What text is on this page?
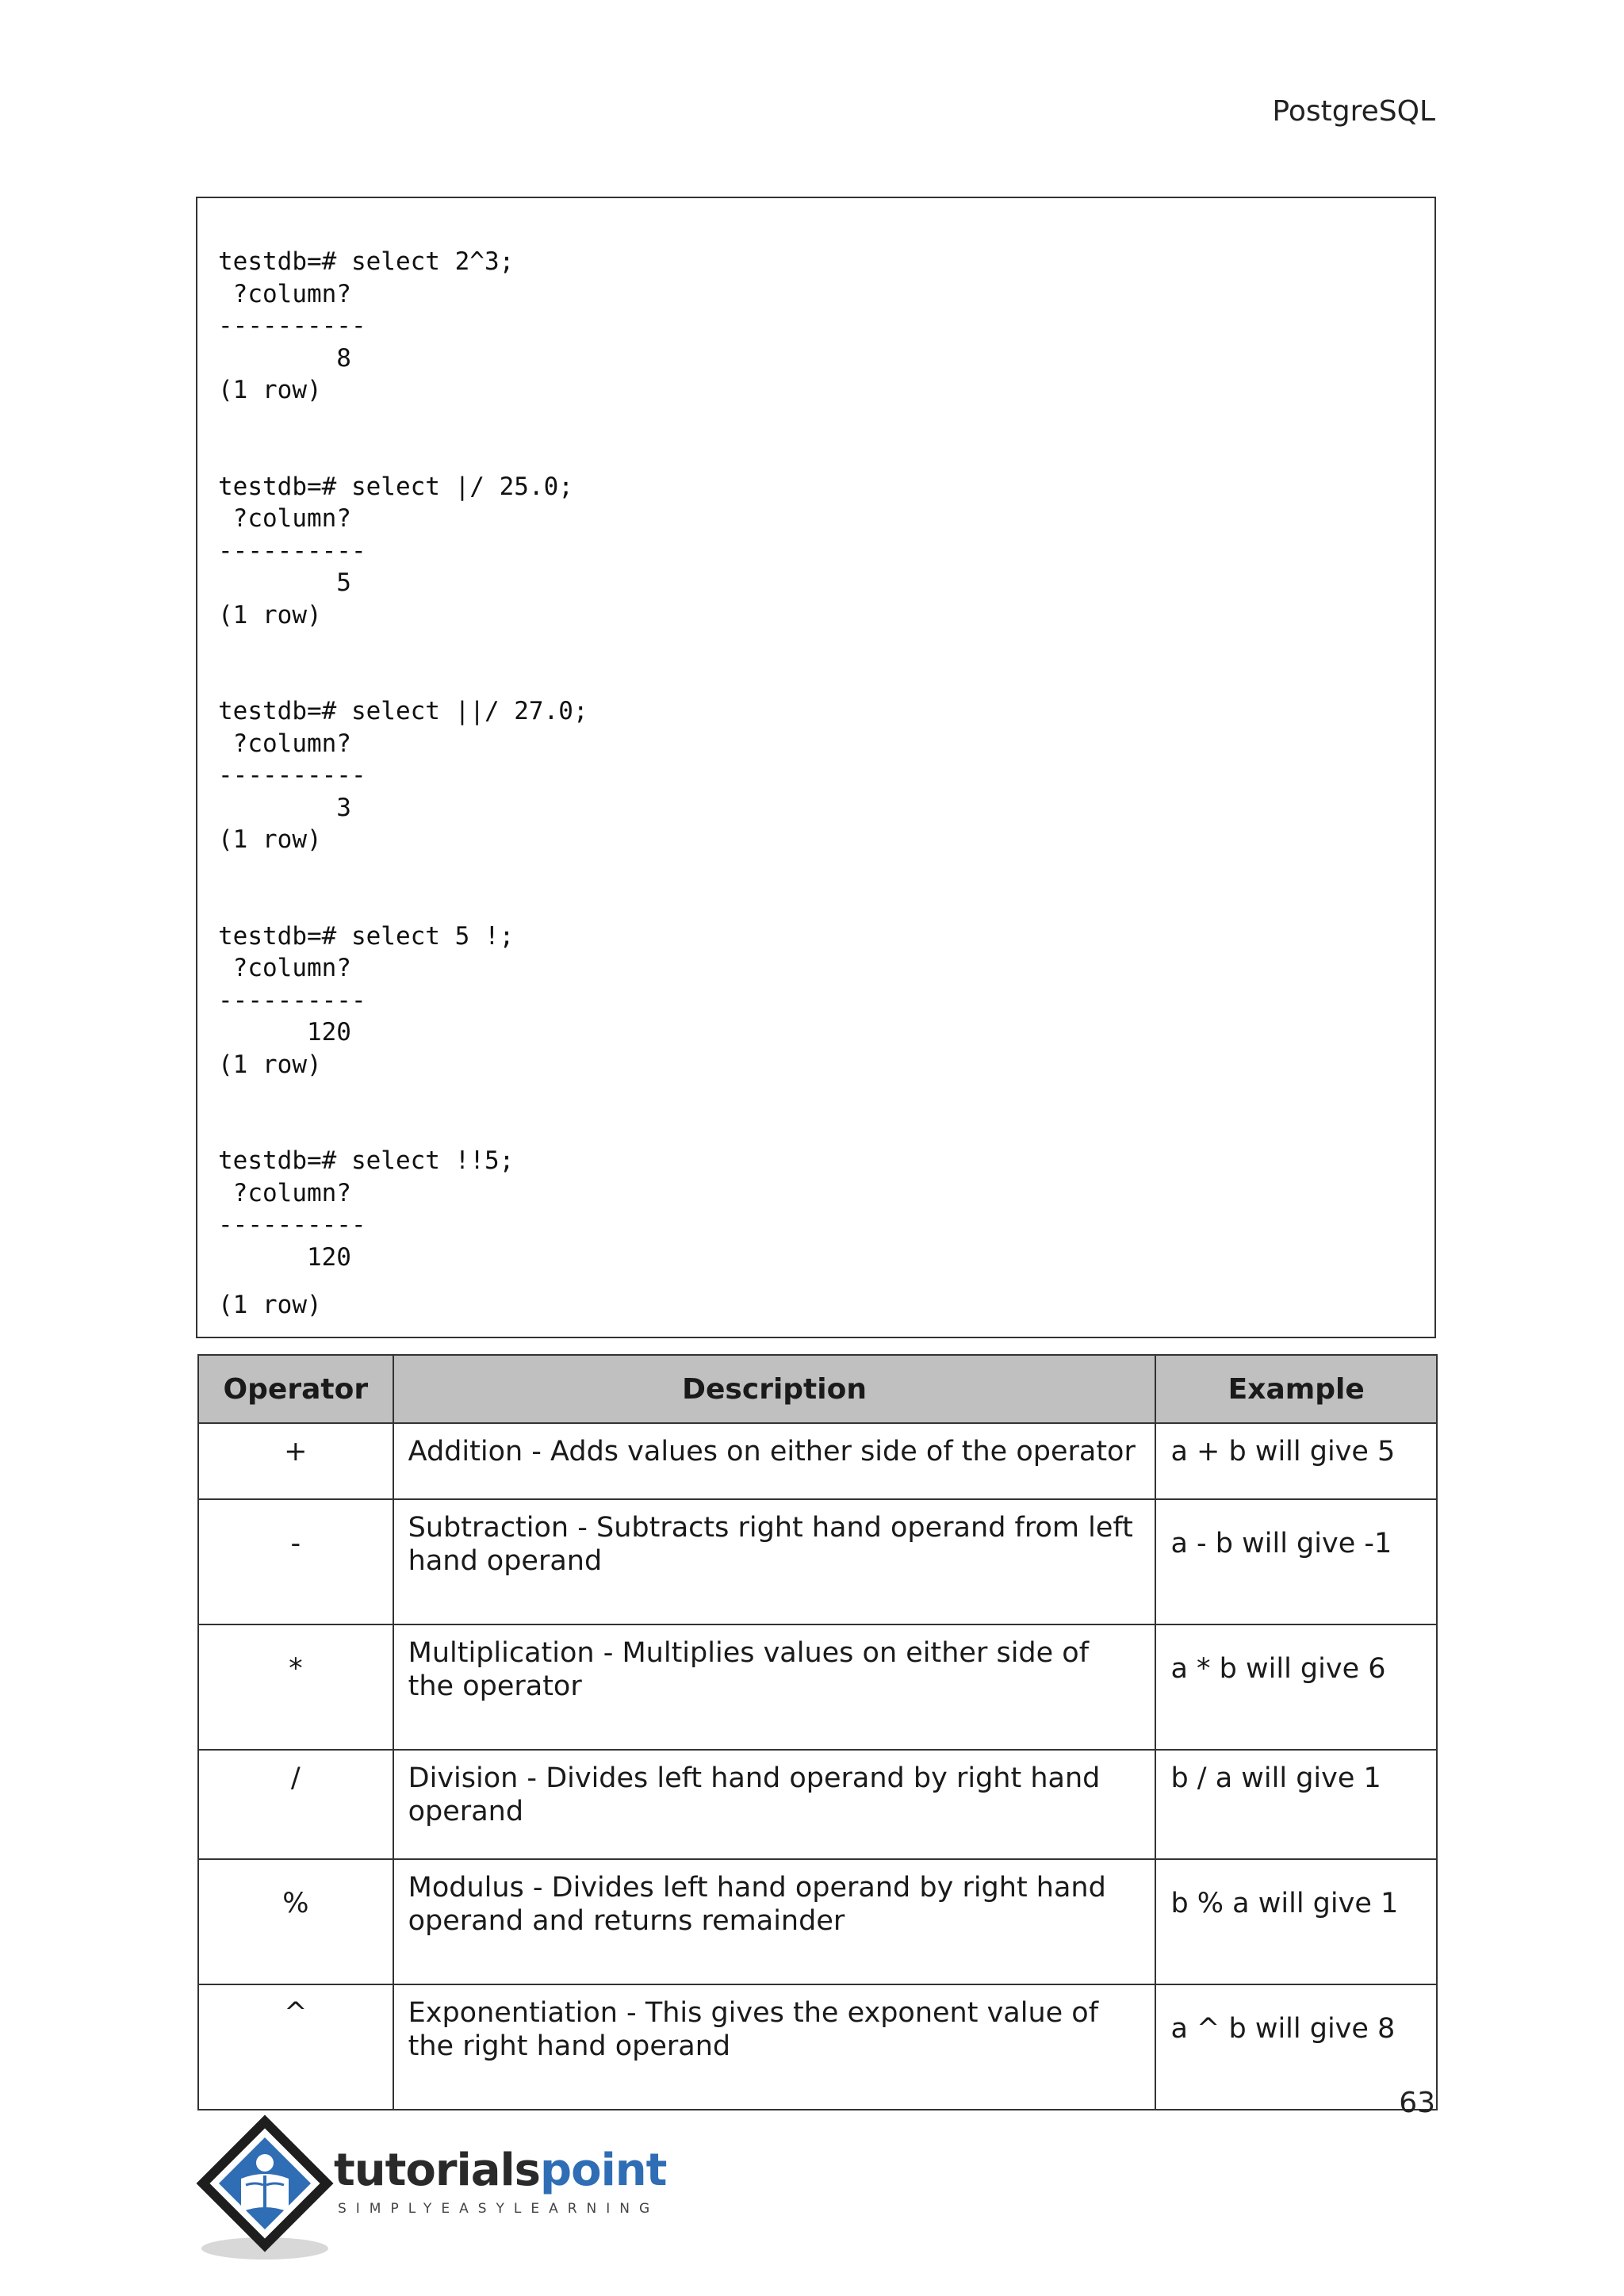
PostgreSQL
testdb=# select 2^3;
?column?
----------
8
(1 row)
testdb=# select |/ 25.0;
?column?
----------
5
(1 row)
testdb=# select ||/ 27.0;
?column?
----------
3
(1 row)
testdb=# select 5 !;
?column?
----------
120
(1 row)
testdb=# select !!5;
?column?
----------
120
(1 row)
Operator	Description	Example
+	Addition - Adds values on either side of the operator	a + b will give 5
-	Subtraction - Subtracts right hand operand from left hand operand	a - b will give -1
*	Multiplication - Multiplies values on either side of the operator	a * b will give 6
/	Division - Divides left hand operand by right hand operand	b / a will give 1
%	Modulus - Divides left hand operand by right hand operand and returns remainder	b % a will give 1
^	Exponentiation - This gives the exponent value of the right hand operand	a ^ b will give 8
63
tutorialspoint
SIMPLYEASYLEARNING
